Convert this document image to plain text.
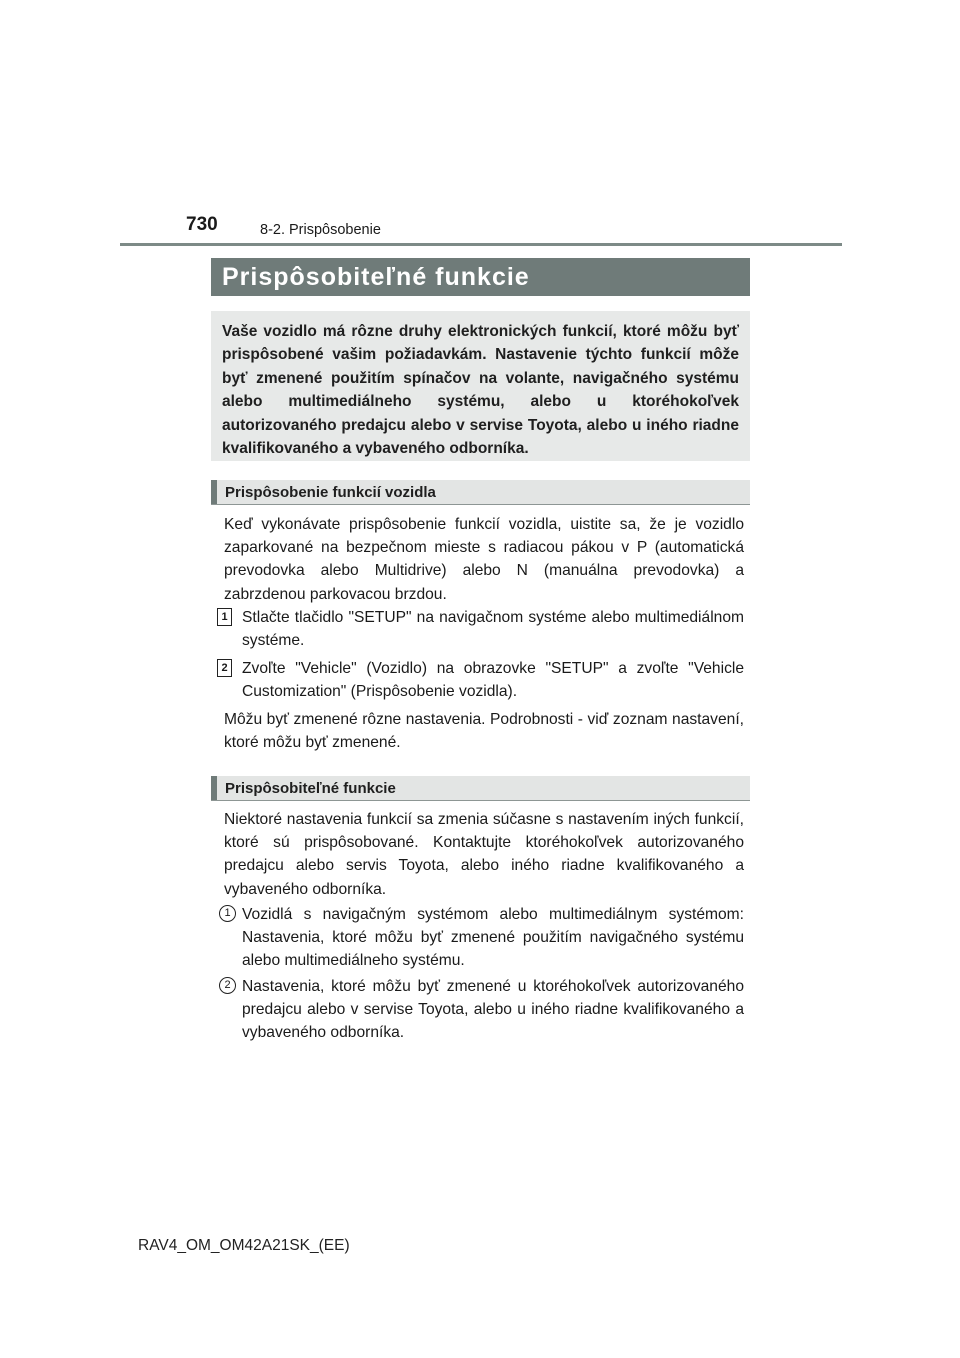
730	8-2. Prispôsobenie
Prispôsobiteľné funkcie
Vaše vozidlo má rôzne druhy elektronických funkcií, ktoré môžu byť prispôsobené vašim požiadavkám. Nastavenie týchto funkcií môže byť zmenené použitím spínačov na volante, navigačného systému alebo multimediálneho systému, alebo u ktoréhokoľvek autorizovaného predajcu alebo v servise Toyota, alebo u iného riadne kvalifikovaného a vybaveného odborníka.
Prispôsobenie funkcií vozidla
Keď vykonávate prispôsobenie funkcií vozidla, uistite sa, že je vozidlo zaparkované na bezpečnom mieste s radiacou pákou v P (automatická prevodovka alebo Multidrive) alebo N (manuálna prevodovka) a zabrzdenou parkovacou brzdou.
1 Stlačte tlačidlo "SETUP" na navigačnom systéme alebo multimediálnom systéme.
2 Zvoľte "Vehicle" (Vozidlo) na obrazovke "SETUP" a zvoľte "Vehicle Customization" (Prispôsobenie vozidla).
Môžu byť zmenené rôzne nastavenia. Podrobnosti - viď zoznam nastavení, ktoré môžu byť zmenené.
Prispôsobiteľné funkcie
Niektoré nastavenia funkcií sa zmenia súčasne s nastavením iných funkcií, ktoré sú prispôsobované. Kontaktujte ktoréhokoľvek autorizovaného predajcu alebo servis Toyota, alebo iného riadne kvalifikovaného a vybaveného odborníka.
1 Vozidlá s navigačným systémom alebo multimediálnym systémom: Nastavenia, ktoré môžu byť zmenené použitím navigačného systému alebo multimediálneho systému.
2 Nastavenia, ktoré môžu byť zmenené u ktoréhokoľvek autorizovaného predajcu alebo v servise Toyota, alebo u iného riadne kvalifikovaného a vybaveného odborníka.
RAV4_OM_OM42A21SK_(EE)
